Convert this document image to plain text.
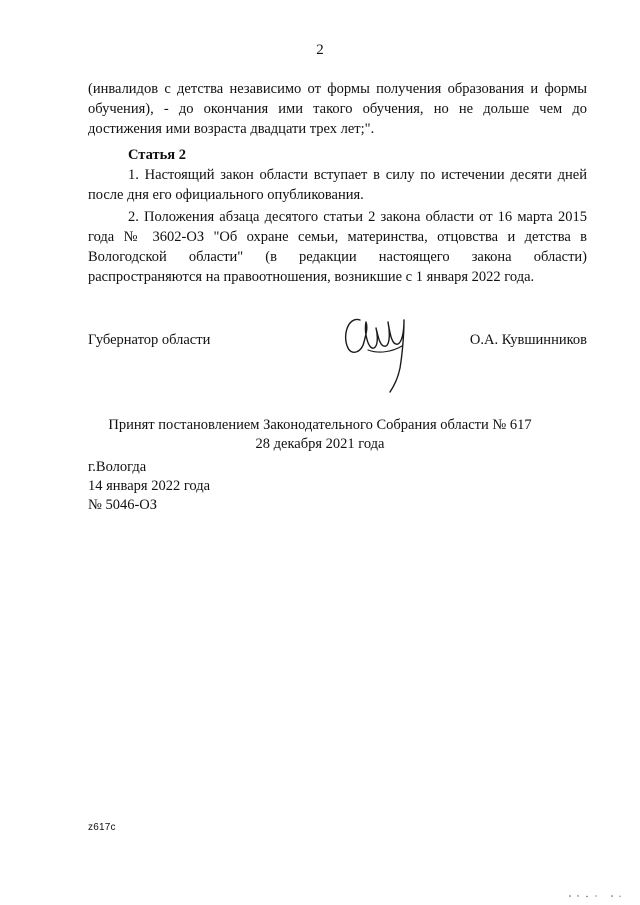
2
(инвалидов с детства независимо от формы получения образования и формы обучения), - до окончания ими такого обучения, но не дольше чем до достижения ими возраста двадцати трех лет;".
Статья 2
1. Настоящий закон области вступает в силу по истечении десяти дней после дня его официального опубликования.
2. Положения абзаца десятого статьи 2 закона области от 16 марта 2015 года № 3602-ОЗ "Об охране семьи, материнства, отцовства и детства в Вологодской области" (в редакции настоящего закона области) распространяются на правоотношения, возникшие с 1 января 2022 года.
Губернатор области	О.А. Кувшинников
Принят постановлением Законодательного Собрания области № 617
28 декабря 2021 года
г.Вологда
14 января 2022 года
№ 5046-ОЗ
z617c
